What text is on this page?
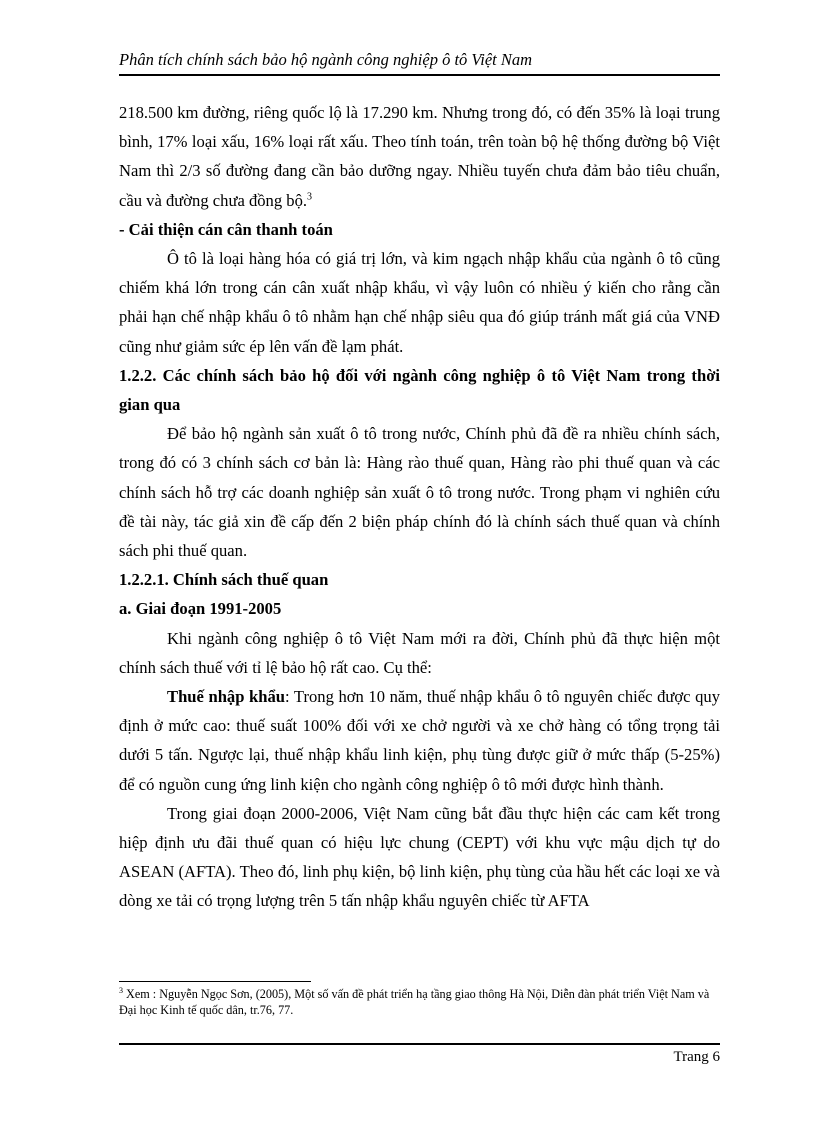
Phân tích chính sách bảo hộ ngành công nghiệp ô tô Việt Nam

218.500 km đường, riêng quốc lộ là 17.290 km. Nhưng trong đó, có đến 35% là loại trung bình, 17% loại xấu, 16% loại rất xấu. Theo tính toán, trên toàn bộ hệ thống đường bộ Việt Nam thì 2/3 số đường đang cần bảo dưỡng ngay. Nhiều tuyến chưa đảm bảo tiêu chuẩn, cầu và đường chưa đồng bộ.$^3$

- Cải thiện cán cân thanh toán

Ô tô là loại hàng hóa có giá trị lớn, và kim ngạch nhập khẩu của ngành ô tô cũng chiếm khá lớn trong cán cân xuất nhập khẩu, vì vậy luôn có nhiều ý kiến cho rằng cần phải hạn chế nhập khẩu ô tô nhằm hạn chế nhập siêu qua đó giúp tránh mất giá của VNĐ cũng như giảm sức ép lên vấn đề lạm phát.

1.2.2. Các chính sách bảo hộ đối với ngành công nghiệp ô tô Việt Nam trong thời gian qua

Để bảo hộ ngành sản xuất ô tô trong nước, Chính phủ đã đề ra nhiều chính sách, trong đó có 3 chính sách cơ bản là: Hàng rào thuế quan, Hàng rào phi thuế quan và các chính sách hỗ trợ các doanh nghiệp sản xuất ô tô trong nước. Trong phạm vi nghiên cứu đề tài này, tác giả xin đề cấp đến 2 biện pháp chính đó là chính sách thuế quan và chính sách phi thuế quan.

1.2.2.1. Chính sách thuế quan

a. Giai đoạn 1991-2005

Khi ngành công nghiệp ô tô Việt Nam mới ra đời, Chính phủ đã thực hiện một chính sách thuế với tỉ lệ bảo hộ rất cao. Cụ thể:

Thuế nhập khẩu: Trong hơn 10 năm, thuế nhập khẩu ô tô nguyên chiếc được quy định ở mức cao: thuế suất 100% đối với xe chở người và xe chở hàng có tổng trọng tải dưới 5 tấn. Ngược lại, thuế nhập khẩu linh kiện, phụ tùng được giữ ở mức thấp (5-25%) để có nguồn cung ứng linh kiện cho ngành công nghiệp ô tô mới được hình thành.

Trong giai đoạn 2000-2006, Việt Nam cũng bắt đầu thực hiện các cam kết trong hiệp định ưu đãi thuế quan có hiệu lực chung (CEPT) với khu vực mậu dịch tự do ASEAN (AFTA). Theo đó, linh phụ kiện, bộ linh kiện, phụ tùng của hầu hết các loại xe và dòng xe tải có trọng lượng trên 5 tấn nhập khẩu nguyên chiếc từ AFTA

$^3$ Xem : Nguyễn Ngọc Sơn, (2005), Một số vấn đề phát triển hạ tầng giao thông Hà Nội, Diễn đàn phát triển Việt Nam và Đại học Kinh tế quốc dân, tr.76, 77.
Trang 6
